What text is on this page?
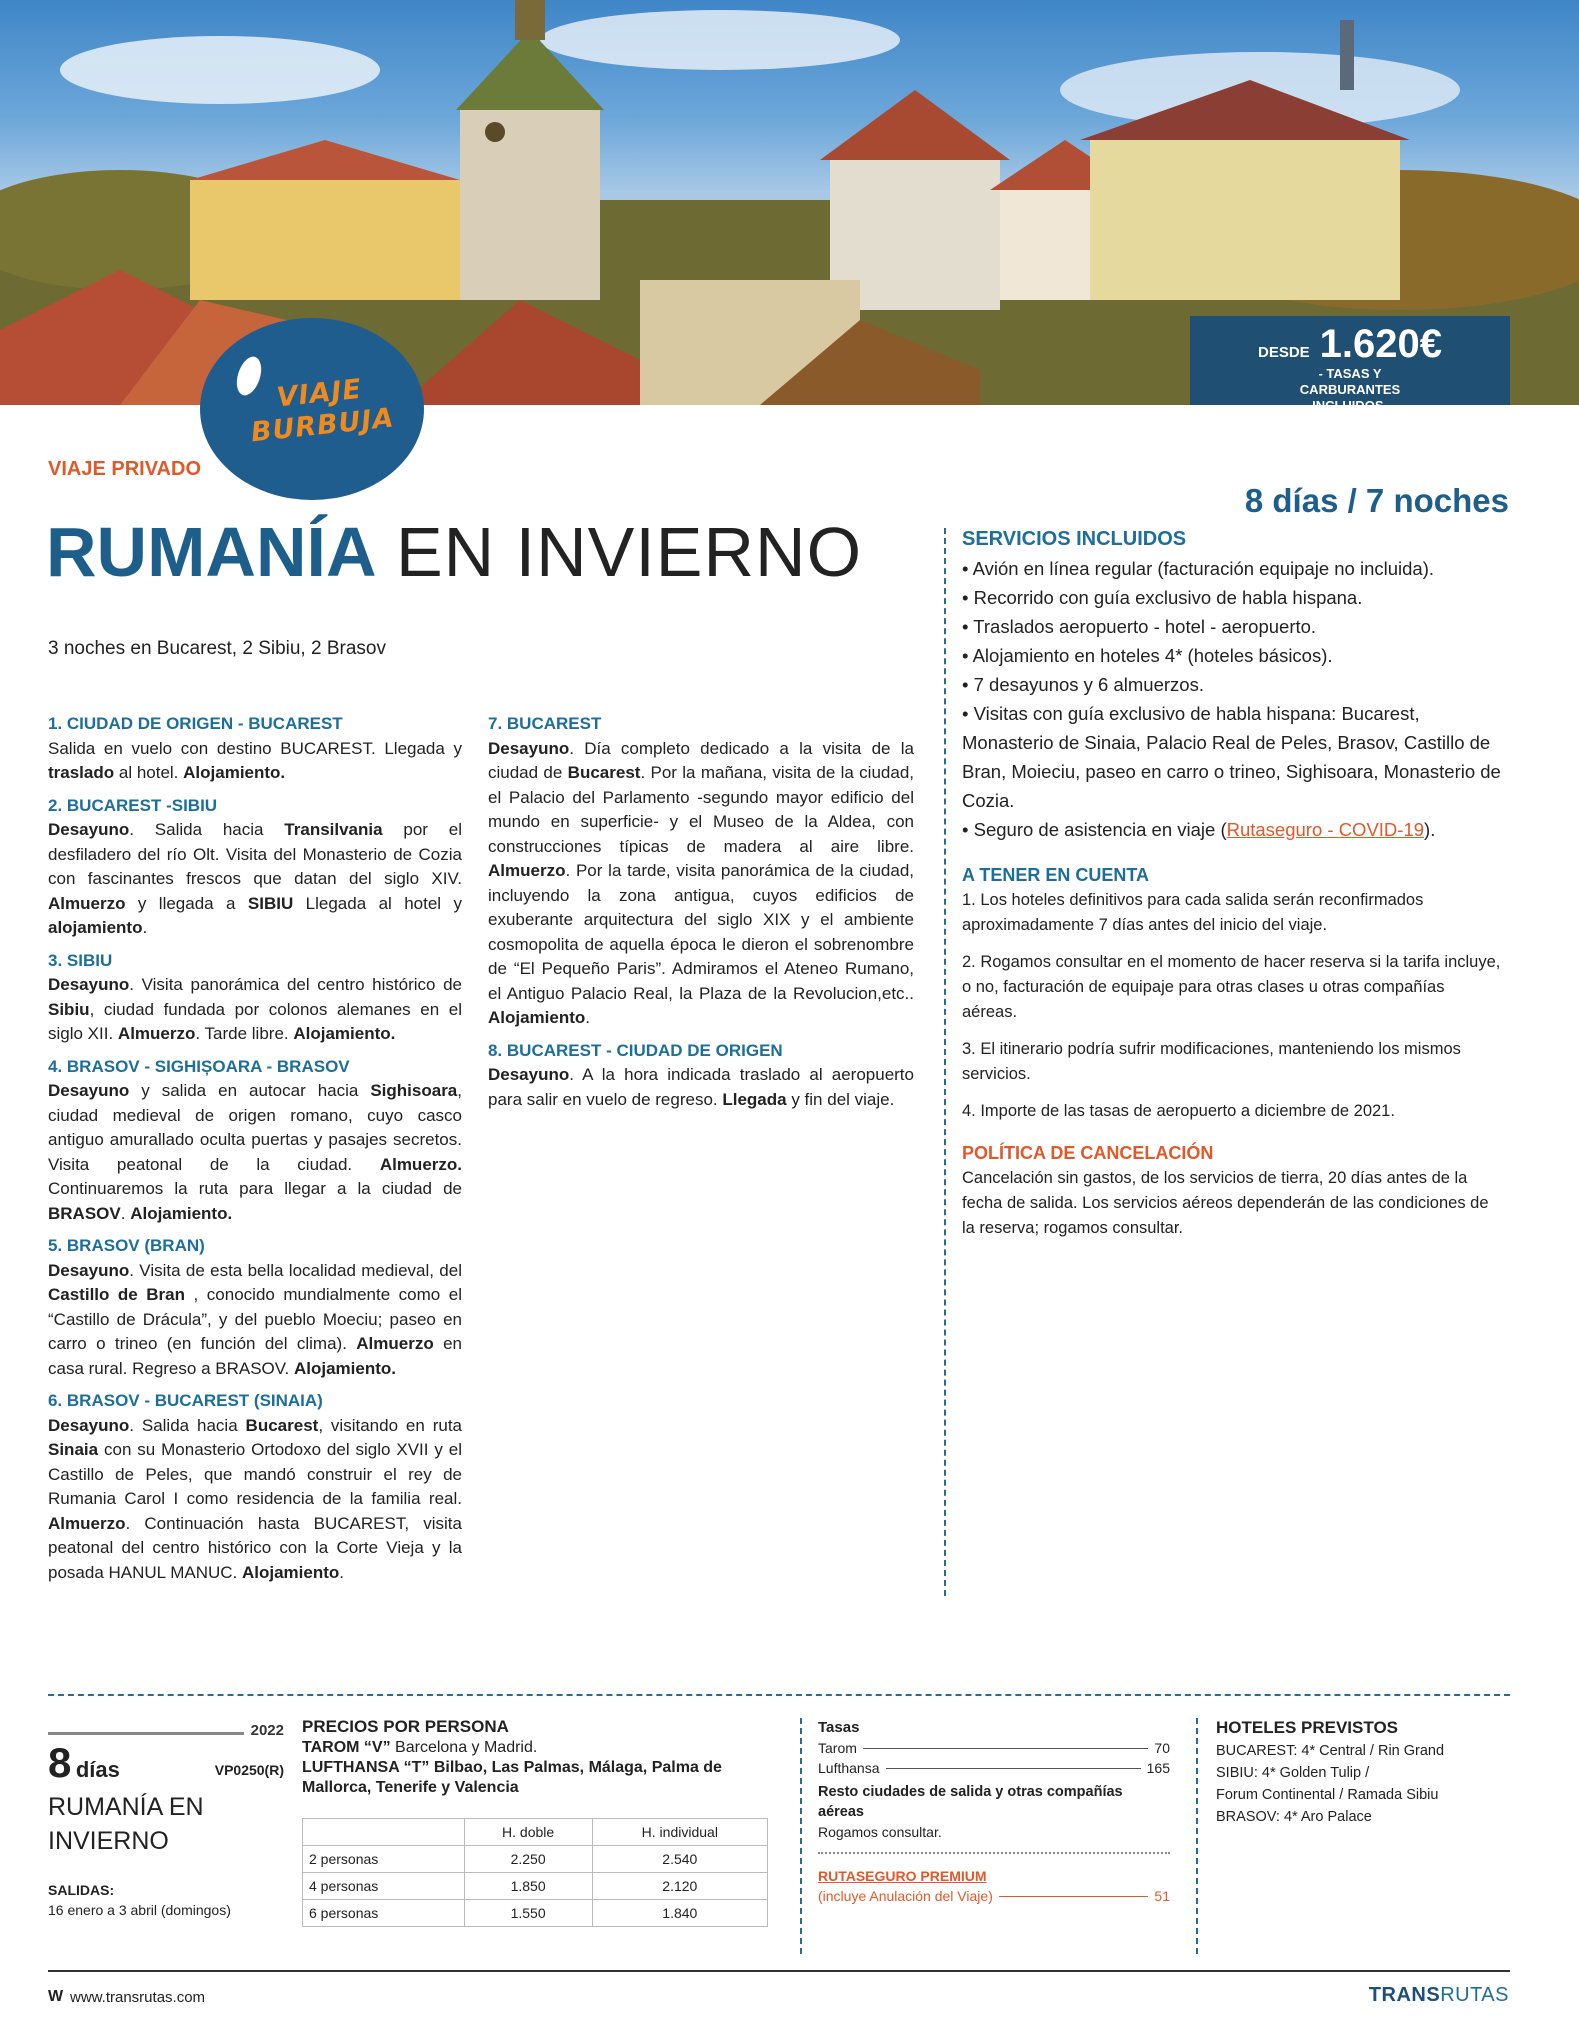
DESDE 1.620€
- TASAS Y CARBURANTES INCLUIDOS-
VIAJE BURBUJA
VIAJE PRIVADO
RUMANÍA EN INVIERNO
3 noches en Bucarest, 2 Sibiu, 2 Brasov
8 días / 7 noches
1. CIUDAD DE ORIGEN - BUCAREST
Salida en vuelo con destino BUCAREST. Llegada y traslado al hotel. Alojamiento.
2. BUCAREST -SIBIU
Desayuno. Salida hacia Transilvania por el desfiladero del río Olt. Visita del Monasterio de Cozia con fascinantes frescos que datan del siglo XIV. Almuerzo y llegada a SIBIU Llegada al hotel y alojamiento.
3. SIBIU
Desayuno. Visita panorámica del centro histórico de Sibiu, ciudad fundada por colonos alemanes en el siglo XII. Almuerzo. Tarde libre. Alojamiento.
4. BRASOV - SIGHIȘOARA - BRASOV
Desayuno y salida en autocar hacia Sighisoara, ciudad medieval de origen romano, cuyo casco antiguo amurallado oculta puertas y pasajes secretos. Visita peatonal de la ciudad. Almuerzo. Continuaremos la ruta para llegar a la ciudad de BRASOV. Alojamiento.
5. BRASOV (BRAN)
Desayuno. Visita de esta bella localidad medieval, del Castillo de Bran , conocido mundialmente como el “Castillo de Drácula”, y del pueblo Moeciu; paseo en carro o trineo (en función del clima). Almuerzo en casa rural. Regreso a BRASOV. Alojamiento.
6. BRASOV - BUCAREST (SINAIA)
Desayuno. Salida hacia Bucarest, visitando en ruta Sinaia con su Monasterio Ortodoxo del siglo XVII y el Castillo de Peles, que mandó construir el rey de Rumania Carol I como residencia de la familia real. Almuerzo. Continuación hasta BUCAREST, visita peatonal del centro histórico con la Corte Vieja y la posada HANUL MANUC. Alojamiento.
7. BUCAREST
Desayuno. Día completo dedicado a la visita de la ciudad de Bucarest. Por la mañana, visita de la ciudad, el Palacio del Parlamento -segundo mayor edificio del mundo en superficie- y el Museo de la Aldea, con construcciones típicas de madera al aire libre. Almuerzo. Por la tarde, visita panorámica de la ciudad, incluyendo la zona antigua, cuyos edificios de exuberante arquitectura del siglo XIX y el ambiente cosmopolita de aquella época le dieron el sobrenombre de “El Pequeño Paris”. Admiramos el Ateneo Rumano, el Antiguo Palacio Real, la Plaza de la Revolucion,etc.. Alojamiento.
8. BUCAREST - CIUDAD DE ORIGEN
Desayuno. A la hora indicada traslado al aeropuerto para salir en vuelo de regreso. Llegada y fin del viaje.
SERVICIOS INCLUIDOS
• Avión en línea regular (facturación equipaje no incluida).
• Recorrido con guía exclusivo de habla hispana.
• Traslados aeropuerto - hotel - aeropuerto.
• Alojamiento en hoteles 4* (hoteles básicos).
• 7 desayunos y 6 almuerzos.
• Visitas con guía exclusivo de habla hispana: Bucarest, Monasterio de Sinaia, Palacio Real de Peles, Brasov, Castillo de Bran, Moieciu, paseo en carro o trineo, Sighisoara, Monasterio de Cozia.
• Seguro de asistencia en viaje (Rutaseguro - COVID-19).
A TENER EN CUENTA

1. Los hoteles definitivos para cada salida serán reconfirmados aproximadamente 7 días antes del inicio del viaje.

2. Rogamos consultar en el momento de hacer reserva si la tarifa incluye, o no, facturación de equipaje para otras clases u otras compañías aéreas.

3. El itinerario podría sufrir modificaciones, manteniendo los mismos servicios.

4. Importe de las tasas de aeropuerto a diciembre de 2021.

POLÍTICA DE CANCELACIÓN
Cancelación sin gastos, de los servicios de tierra, 20 días antes de la fecha de salida. Los servicios aéreos dependerán de las condiciones de la reserva; rogamos consultar.
2022
8 días	VP0250(R)
RUMANÍA EN INVIERNO
SALIDAS:
16 enero a 3 abril (domingos)
PRECIOS POR PERSONA
TAROM “V” Barcelona y Madrid.
LUFTHANSA “T” Bilbao, Las Palmas, Málaga, Palma de Mallorca, Tenerife y Valencia
	H. doble	H. individual
2 personas	2.250	2.540
4 personas	1.850	2.120
6 personas	1.550	1.840
Tasas
Tarom	70
Lufthansa	165
Resto ciudades de salida y otras compañías aéreas
Rogamos consultar.
RUTASEGURO PREMIUM
(incluye Anulación del Viaje)	51
HOTELES PREVISTOS
BUCAREST: 4* Central / Rin Grand
SIBIU: 4* Golden Tulip /
Forum Continental / Ramada Sibiu
BRASOV: 4* Aro Palace
W www.transrutas.com	TRANSRUTAS
